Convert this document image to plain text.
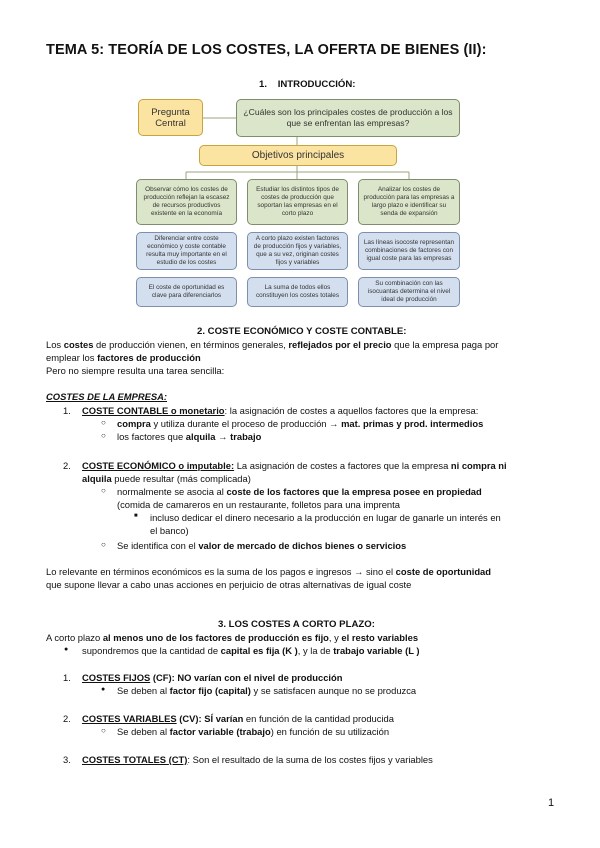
TEMA 5: TEORÍA DE LOS COSTES, LA OFERTA DE BIENES (II):
1. INTRODUCCIÓN:
Pregunta Central
¿Cuáles son los principales costes de producción a los que se enfrentan las empresas?
Objetivos principales
Observar cómo los costes de producción reflejan la escasez de recursos productivos existente en la economía
Estudiar los distintos tipos de costes de producción que soportan las empresas en el corto plazo
Analizar los costes de producción para las empresas a largo plazo e identificar su senda de expansión
Diferenciar entre coste económico y coste contable resulta muy importante en el estudio de los costes
A corto plazo existen factores de producción fijos y variables, que a su vez, originan costes fijos y variables
Las líneas isocoste representan combinaciones de factores con igual coste para las empresas
El coste de oportunidad es clave para diferenciarlos
La suma de todos ellos constituyen los costes totales
Su combinación con las isocuantas determina el nivel ideal de producción
2. COSTE ECONÓMICO Y COSTE CONTABLE:
Los costes de producción vienen, en términos generales, reflejados por el precio que la empresa paga por
emplear los factores de producción
Pero no siempre resulta una tarea sencilla:
COSTES DE LA EMPRESA:
1. COSTE CONTABLE o monetario: la asignación de costes a aquellos factores que la empresa:
○ compra y utiliza durante el proceso de producción → mat. primas y prod. intermedios
○ los factores que alquila → trabajo
2. COSTE ECONÓMICO o imputable: La asignación de costes a factores que la empresa ni compra ni
alquila puede resultar (más complicada)
○ normalmente se asocia al coste de los factores que la empresa posee en propiedad
(comida de camareros en un restaurante, folletos para una imprenta
■ incluso dedicar el dinero necesario a la producción en lugar de ganarle un interés en
el banco)
○ Se identifica con el valor de mercado de dichos bienes o servicios
Lo relevante en términos económicos es la suma de los pagos e ingresos → sino el coste de oportunidad
que supone llevar a cabo unas acciones en perjuicio de otras alternativas de igual coste
3. LOS COSTES A CORTO PLAZO:
A corto plazo al menos uno de los factores de producción es fijo, y el resto variables
● supondremos que la cantidad de capital es fija (K ), y la de trabajo variable (L )
1. COSTES FIJOS (CF): NO varían con el nivel de producción
● Se deben al factor fijo (capital) y se satisfacen aunque no se produzca
2. COSTES VARIABLES (CV): SÍ varían en función de la cantidad producida
○ Se deben al factor variable (trabajo) en función de su utilización
3. COSTES TOTALES (CT): Son el resultado de la suma de los costes fijos y variables
1
